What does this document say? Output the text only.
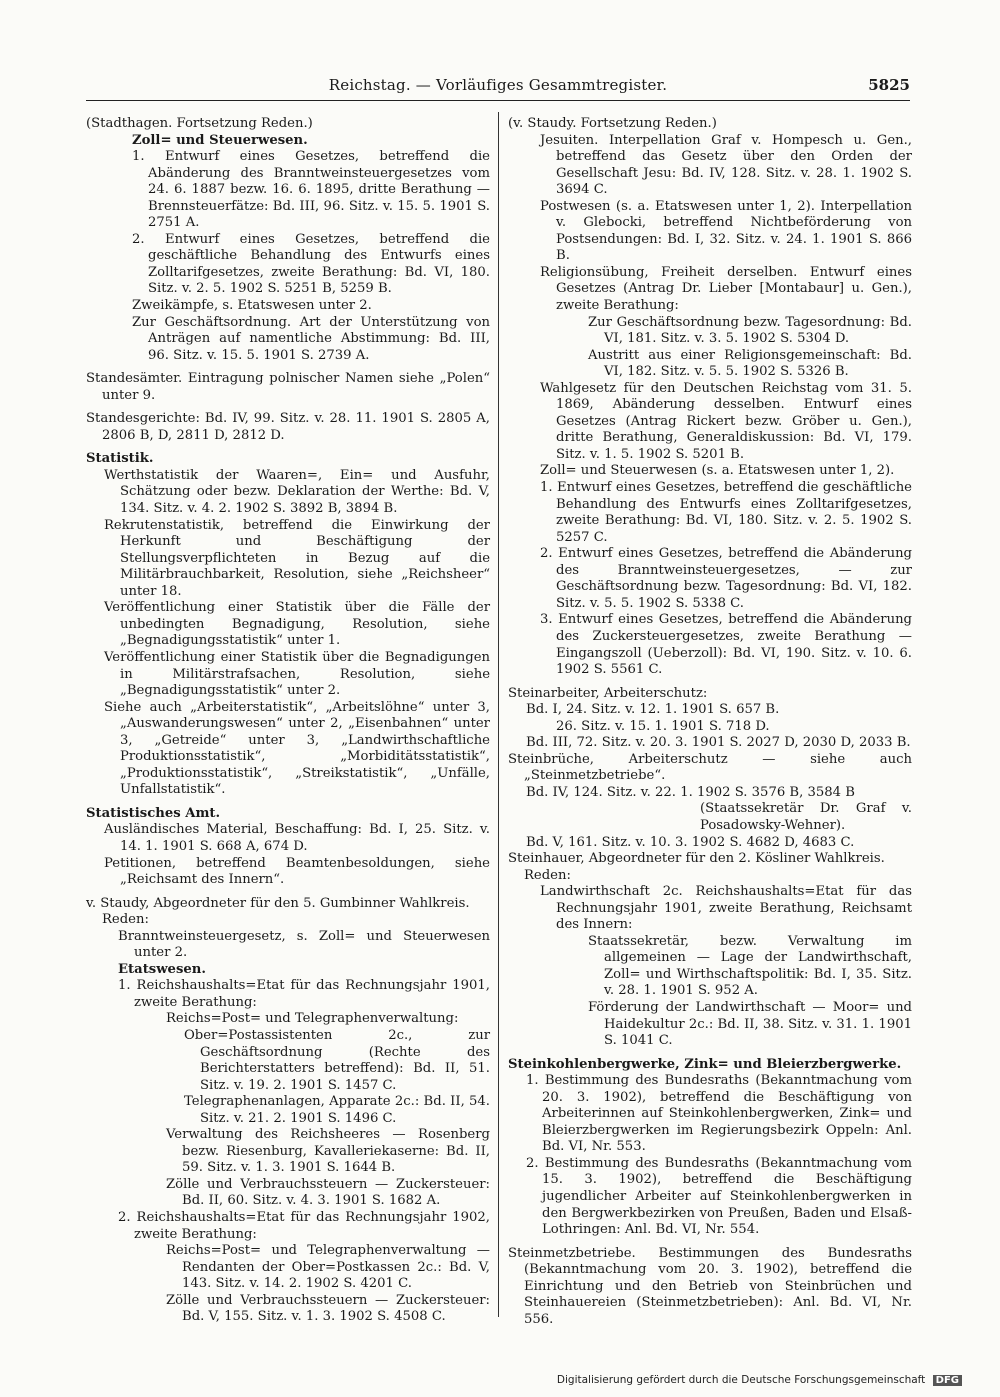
Reichstag. — Vorläufiges Gesammtregister.	5825

(Stadthagen. Fortsetzung Reden.)

Zoll= und Steuerwesen.

1. Entwurf eines Gesetzes, betreffend die Abänderung des Branntweinsteuergesetzes vom 24. 6. 1887 bezw. 16. 6. 1895, dritte Berathung — Brennsteuerfätze: Bd. III, 96. Sitz. v. 15. 5. 1901 S. 2751 A.

2. Entwurf eines Gesetzes, betreffend die geschäftliche Behandlung des Entwurfs eines Zolltarifgesetzes, zweite Berathung: Bd. VI, 180. Sitz. v. 2. 5. 1902 S. 5251 B, 5259 B.

Zweikämpfe, s. Etatswesen unter 2.

Zur Geschäftsordnung. Art der Unterstützung von Anträgen auf namentliche Abstimmung: Bd. III, 96. Sitz. v. 15. 5. 1901 S. 2739 A.

Standesämter. Eintragung polnischer Namen siehe „Polen“ unter 9.

Standesgerichte: Bd. IV, 99. Sitz. v. 28. 11. 1901 S. 2805 A, 2806 B, D, 2811 D, 2812 D.

Statistik.

Werthstatistik der Waaren=, Ein= und Ausfuhr, Schätzung oder bezw. Deklaration der Werthe: Bd. V, 134. Sitz. v. 4. 2. 1902 S. 3892 B, 3894 B.

Rekrutenstatistik, betreffend die Einwirkung der Herkunft und Beschäftigung der Stellungsverpflichteten in Bezug auf die Militärbrauchbarkeit, Resolution, siehe „Reichsheer“ unter 18.

Veröffentlichung einer Statistik über die Fälle der unbedingten Begnadigung, Resolution, siehe „Begnadigungsstatistik“ unter 1.

Veröffentlichung einer Statistik über die Begnadigungen in Militärstrafsachen, Resolution, siehe „Begnadigungsstatistik“ unter 2.

Siehe auch „Arbeiterstatistik“, „Arbeitslöhne“ unter 3, „Auswanderungswesen“ unter 2, „Eisenbahnen“ unter 3, „Getreide“ unter 3, „Landwirthschaftliche Produktionsstatistik“, „Morbiditätsstatistik“, „Produktionsstatistik“, „Streikstatistik“, „Unfälle, Unfallstatistik“.

Statistisches Amt.

Ausländisches Material, Beschaffung: Bd. I, 25. Sitz. v. 14. 1. 1901 S. 668 A, 674 D.

Petitionen, betreffend Beamtenbesoldungen, siehe „Reichsamt des Innern“.

v. Staudy, Abgeordneter für den 5. Gumbinner Wahlkreis.

Reden:

Branntweinsteuergesetz, s. Zoll= und Steuerwesen unter 2.

Etatswesen.

1. Reichshaushalts=Etat für das Rechnungsjahr 1901, zweite Berathung:

Reichs=Post= und Telegraphenverwaltung:

Ober=Postassistenten 2c., zur Geschäftsordnung (Rechte des Berichterstatters betreffend): Bd. II, 51. Sitz. v. 19. 2. 1901 S. 1457 C.

Telegraphenanlagen, Apparate 2c.: Bd. II, 54. Sitz. v. 21. 2. 1901 S. 1496 C.

Verwaltung des Reichsheeres — Rosenberg bezw. Riesenburg, Kavalleriekaserne: Bd. II, 59. Sitz. v. 1. 3. 1901 S. 1644 B.

Zölle und Verbrauchssteuern — Zuckersteuer: Bd. II, 60. Sitz. v. 4. 3. 1901 S. 1682 A.

2. Reichshaushalts=Etat für das Rechnungsjahr 1902, zweite Berathung:

Reichs=Post= und Telegraphenverwaltung — Rendanten der Ober=Postkassen 2c.: Bd. V, 143. Sitz. v. 14. 2. 1902 S. 4201 C.

Zölle und Verbrauchssteuern — Zuckersteuer: Bd. V, 155. Sitz. v. 1. 3. 1902 S. 4508 C.

(v. Staudy. Fortsetzung Reden.)

Jesuiten. Interpellation Graf v. Hompesch u. Gen., betreffend das Gesetz über den Orden der Gesellschaft Jesu: Bd. IV, 128. Sitz. v. 28. 1. 1902 S. 3694 C.

Postwesen (s. a. Etatswesen unter 1, 2). Interpellation v. Glebocki, betreffend Nichtbeförderung von Postsendungen: Bd. I, 32. Sitz. v. 24. 1. 1901 S. 866 B.

Religionsübung, Freiheit derselben. Entwurf eines Gesetzes (Antrag Dr. Lieber [Montabaur] u. Gen.), zweite Berathung:

Zur Geschäftsordnung bezw. Tagesordnung: Bd. VI, 181. Sitz. v. 3. 5. 1902 S. 5304 D.

Austritt aus einer Religionsgemeinschaft: Bd. VI, 182. Sitz. v. 5. 5. 1902 S. 5326 B.

Wahlgesetz für den Deutschen Reichstag vom 31. 5. 1869, Abänderung desselben. Entwurf eines Gesetzes (Antrag Rickert bezw. Gröber u. Gen.), dritte Berathung, Generaldiskussion: Bd. VI, 179. Sitz. v. 1. 5. 1902 S. 5201 B.

Zoll= und Steuerwesen (s. a. Etatswesen unter 1, 2).

1. Entwurf eines Gesetzes, betreffend die geschäftliche Behandlung des Entwurfs eines Zolltarifgesetzes, zweite Berathung: Bd. VI, 180. Sitz. v. 2. 5. 1902 S. 5257 C.

2. Entwurf eines Gesetzes, betreffend die Abänderung des Branntweinsteuergesetzes, — zur Geschäftsordnung bezw. Tagesordnung: Bd. VI, 182. Sitz. v. 5. 5. 1902 S. 5338 C.

3. Entwurf eines Gesetzes, betreffend die Abänderung des Zuckersteuergesetzes, zweite Berathung — Eingangszoll (Ueberzoll): Bd. VI, 190. Sitz. v. 10. 6. 1902 S. 5561 C.

Steinarbeiter, Arbeiterschutz:

Bd. I, 24. Sitz. v. 12. 1. 1901 S. 657 B.

26. Sitz. v. 15. 1. 1901 S. 718 D.

Bd. III, 72. Sitz. v. 20. 3. 1901 S. 2027 D, 2030 D, 2033 B.

Steinbrüche, Arbeiterschutz — siehe auch „Steinmetzbetriebe“.

Bd. IV, 124. Sitz. v. 22. 1. 1902 S. 3576 B, 3584 B

(Staatssekretär Dr. Graf v. Posadowsky-Wehner).

Bd. V, 161. Sitz. v. 10. 3. 1902 S. 4682 D, 4683 C.

Steinhauer, Abgeordneter für den 2. Kösliner Wahlkreis.

Reden:

Landwirthschaft 2c. Reichshaushalts=Etat für das Rechnungsjahr 1901, zweite Berathung, Reichsamt des Innern:

Staatssekretär, bezw. Verwaltung im allgemeinen — Lage der Landwirthschaft, Zoll= und Wirthschaftspolitik: Bd. I, 35. Sitz. v. 28. 1. 1901 S. 952 A.

Förderung der Landwirthschaft — Moor= und Haidekultur 2c.: Bd. II, 38. Sitz. v. 31. 1. 1901 S. 1041 C.

Steinkohlenbergwerke, Zink= und Bleierzbergwerke.

1. Bestimmung des Bundesraths (Bekanntmachung vom 20. 3. 1902), betreffend die Beschäftigung von Arbeiterinnen auf Steinkohlenbergwerken, Zink= und Bleierzbergwerken im Regierungsbezirk Oppeln: Anl. Bd. VI, Nr. 553.

2. Bestimmung des Bundesraths (Bekanntmachung vom 15. 3. 1902), betreffend die Beschäftigung jugendlicher Arbeiter auf Steinkohlenbergwerken in den Bergwerkbezirken von Preußen, Baden und Elsaß-Lothringen: Anl. Bd. VI, Nr. 554.

Steinmetzbetriebe. Bestimmungen des Bundesraths (Bekanntmachung vom 20. 3. 1902), betreffend die Einrichtung und den Betrieb von Steinbrüchen und Steinhauereien (Steinmetzbetrieben): Anl. Bd. VI, Nr. 556.

Digitalisierung gefördert durch die Deutsche Forschungsgemeinschaft DFG
